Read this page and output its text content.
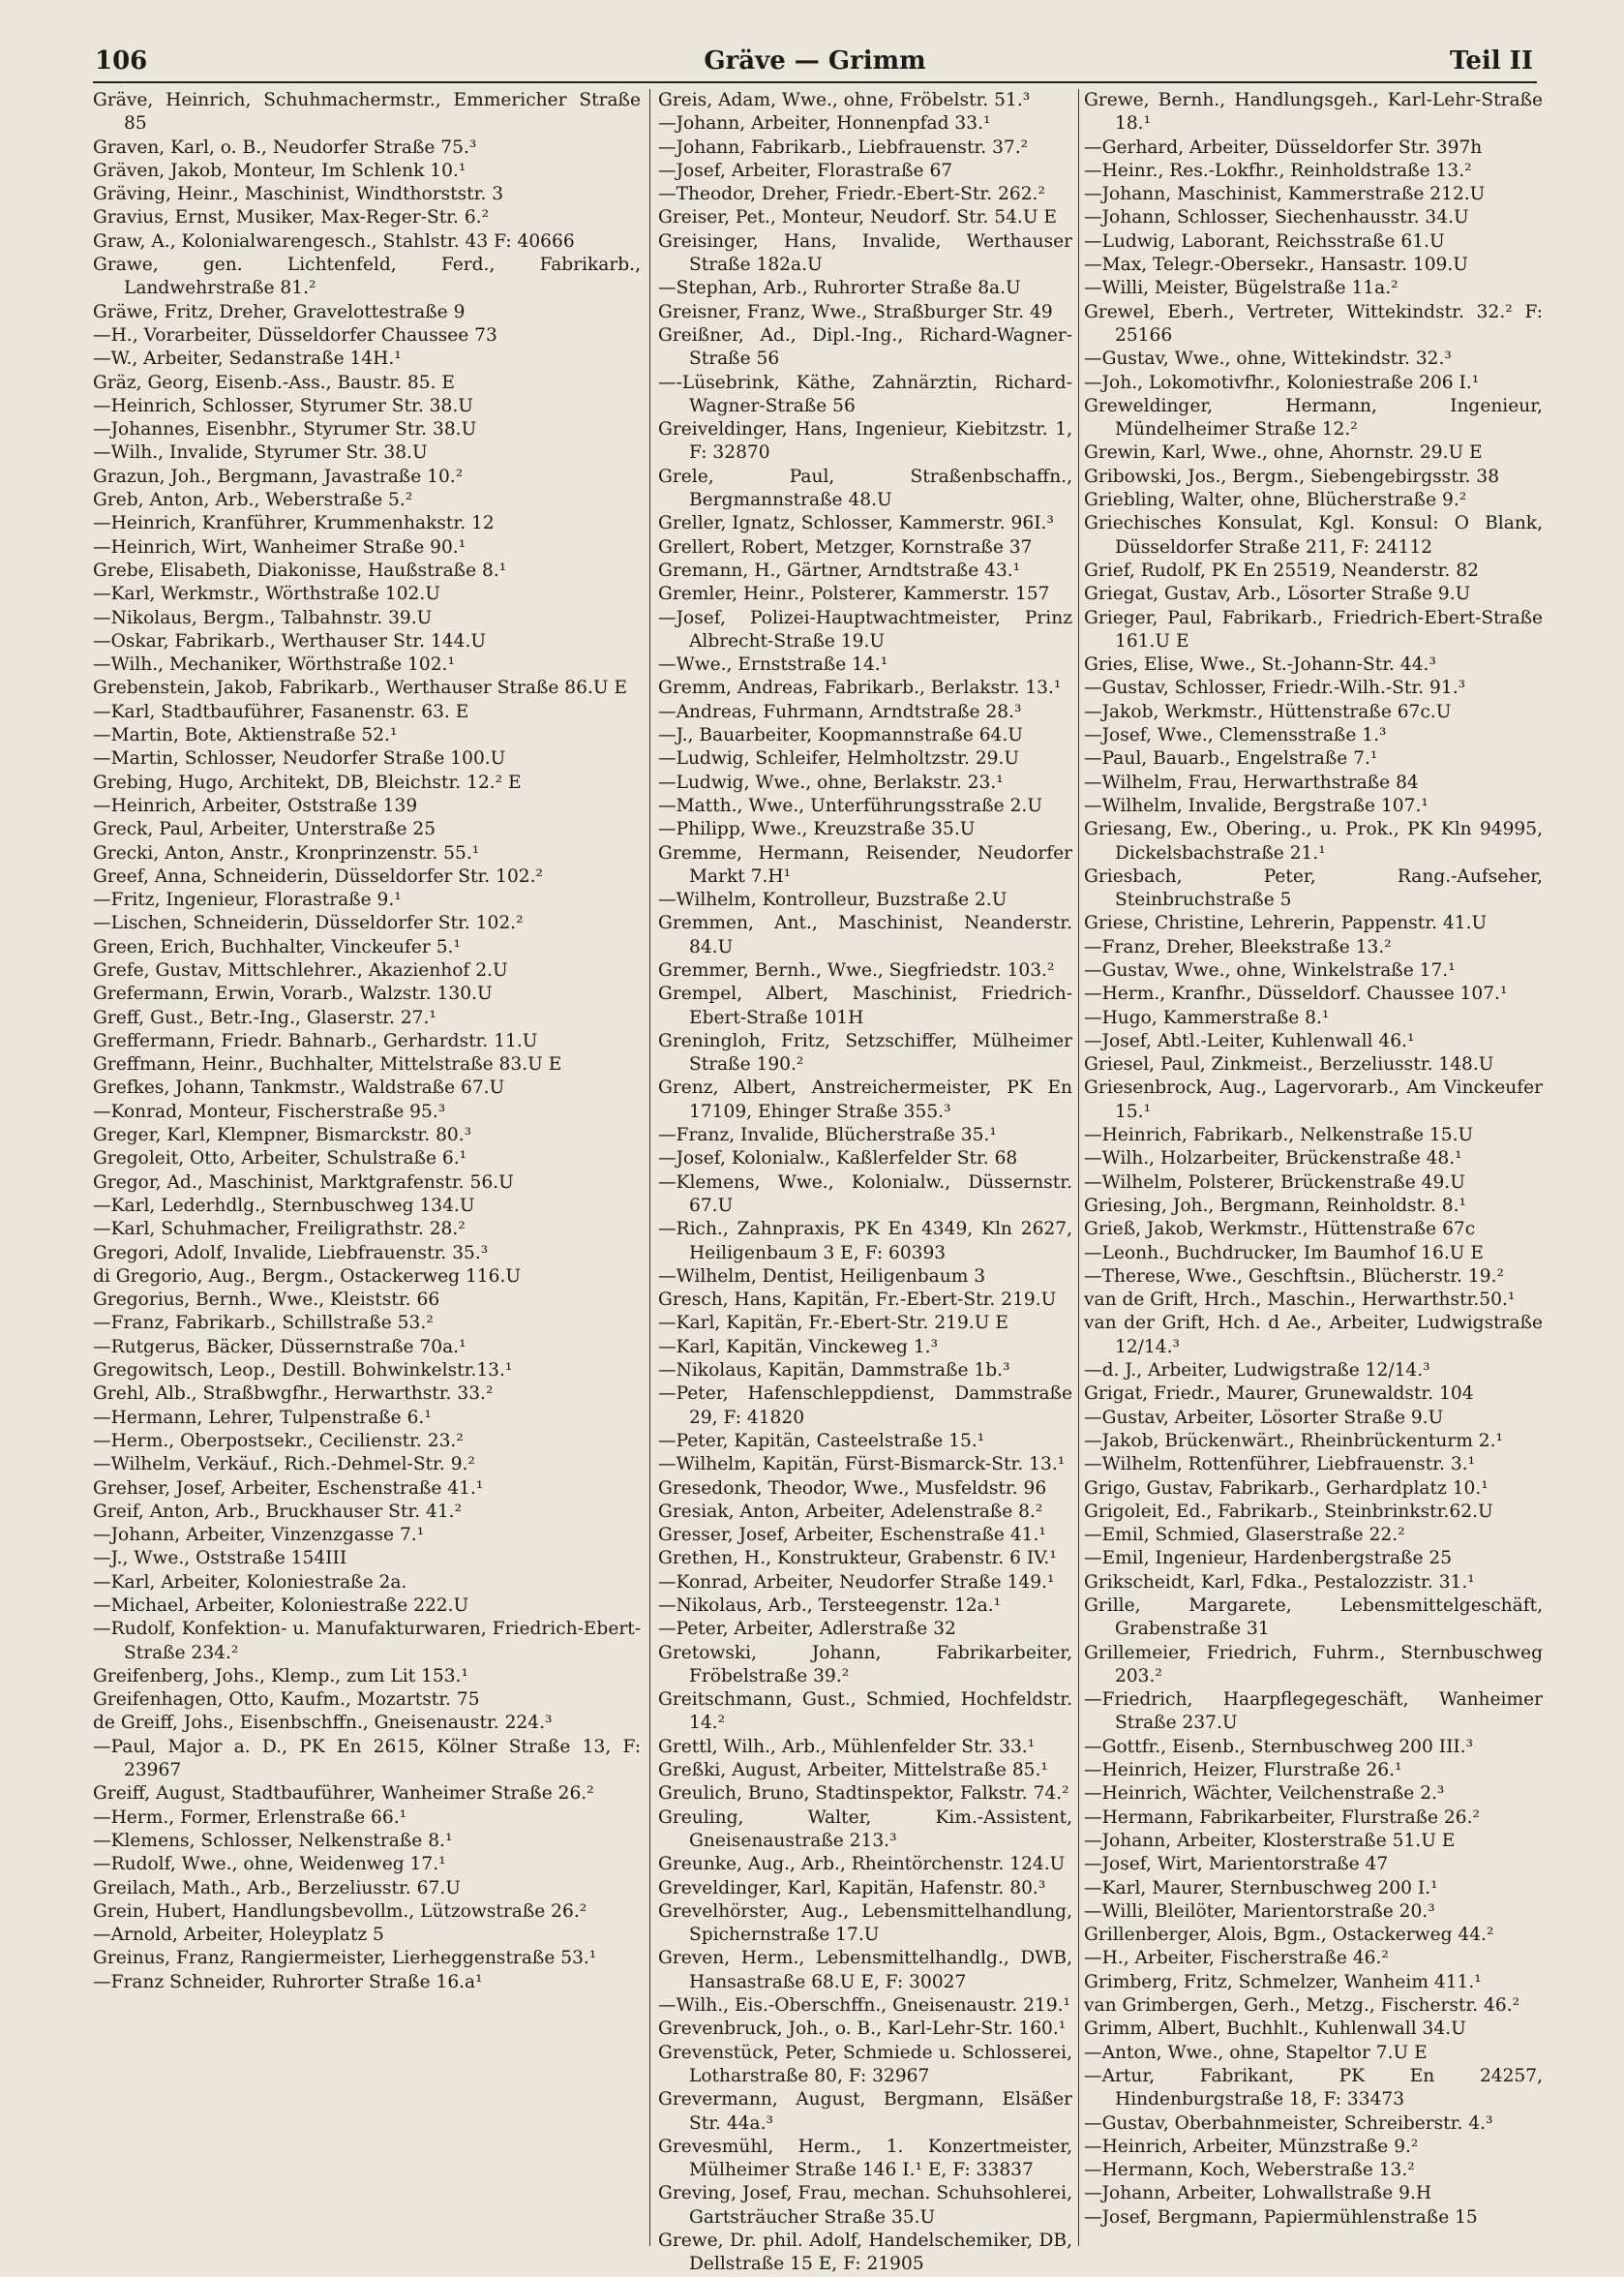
106	Gräve — Grimm	Teil II
Gräve, Heinrich, Schuhmachermstr., Emmericher Straße 85
Graven, Karl, o. B., Neudorfer Straße 75.³
Gräven, Jakob, Monteur, Im Schlenk 10.¹
Gräving, Heinr., Maschinist, Windthorststr. 3
Gravius, Ernst, Musiker, Max-Reger-Str. 6.²
Graw, A., Kolonialwarengesch., Stahlstr. 43 F: 40666
Grawe, gen. Lichtenfeld, Ferd., Fabrikarb., Landwehrstraße 81.²
Gräwe, Fritz, Dreher, Gravelottestraße 9
—H., Vorarbeiter, Düsseldorfer Chaussee 73
—W., Arbeiter, Sedanstraße 14H.¹
Gräz, Georg, Eisenb.-Ass., Baustr. 85. E
—Heinrich, Schlosser, Styrumer Str. 38.U
—Johannes, Eisenbhr., Styrumer Str. 38.U
—Wilh., Invalide, Styrumer Str. 38.U
Grazun, Joh., Bergmann, Javastraße 10.²
Greb, Anton, Arb., Weberstraße 5.²
—Heinrich, Kranführer, Krummenhakstr. 12
—Heinrich, Wirt, Wanheimer Straße 90.¹
Grebe, Elisabeth, Diakonisse, Haußstraße 8.¹
—Karl, Werkmstr., Wörthstraße 102.U
—Nikolaus, Bergm., Talbahnstr. 39.U
—Oskar, Fabrikarb., Werthauser Str. 144.U
—Wilh., Mechaniker, Wörthstraße 102.¹
Grebenstein, Jakob, Fabrikarb., Werthauser Straße 86.U E
—Karl, Stadtbauführer, Fasanenstr. 63. E
—Martin, Bote, Aktienstraße 52.¹
—Martin, Schlosser, Neudorfer Straße 100.U
Grebing, Hugo, Architekt, DB, Bleichstr. 12.² E
—Heinrich, Arbeiter, Oststraße 139
Greck, Paul, Arbeiter, Unterstraße 25
Grecki, Anton, Anstr., Kronprinzenstr. 55.¹
Greef, Anna, Schneiderin, Düsseldorfer Str. 102.²
—Fritz, Ingenieur, Florastraße 9.¹
—Lischen, Schneiderin, Düsseldorfer Str. 102.²
Green, Erich, Buchhalter, Vinckeufer 5.¹
Grefe, Gustav, Mittschlehrer., Akazienhof 2.U
Grefermann, Erwin, Vorarb., Walzstr. 130.U
Greff, Gust., Betr.-Ing., Glaserstr. 27.¹
Greffermann, Friedr. Bahnarb., Gerhardstr. 11.U
Greffmann, Heinr., Buchhalter, Mittelstraße 83.U E
Grefkes, Johann, Tankmstr., Waldstraße 67.U
—Konrad, Monteur, Fischerstraße 95.³
Greger, Karl, Klempner, Bismarckstr. 80.³
Gregoleit, Otto, Arbeiter, Schulstraße 6.¹
Gregor, Ad., Maschinist, Marktgrafenstr. 56.U
—Karl, Lederhdlg., Sternbuschweg 134.U
—Karl, Schuhmacher, Freiligrathstr. 28.²
Gregori, Adolf, Invalide, Liebfrauenstr. 35.³
di Gregorio, Aug., Bergm., Ostackerweg 116.U
Gregorius, Bernh., Wwe., Kleiststr. 66
—Franz, Fabrikarb., Schillstraße 53.²
—Rutgerus, Bäcker, Düssernstraße 70a.¹
Gregowitsch, Leop., Destill. Bohwinkelstr.13.¹
Grehl, Alb., Straßbwgfhr., Herwarthstr. 33.²
—Hermann, Lehrer, Tulpenstraße 6.¹
—Herm., Oberpostsekr., Cecilienstr. 23.²
—Wilhelm, Verkäuf., Rich.-Dehmel-Str. 9.²
Grehser, Josef, Arbeiter, Eschenstraße 41.¹
Greif, Anton, Arb., Bruckhauser Str. 41.²
—Johann, Arbeiter, Vinzenzgasse 7.¹
—J., Wwe., Oststraße 154III
—Karl, Arbeiter, Koloniestraße 2a.
—Michael, Arbeiter, Koloniestraße 222.U
—Rudolf, Konfektion- u. Manufakturwaren, Friedrich-Ebert-Straße 234.²
Greifenberg, Johs., Klemp., zum Lit 153.¹
Greifenhagen, Otto, Kaufm., Mozartstr. 75
de Greiff, Johs., Eisenbschffn., Gneisenaustr. 224.³
—Paul, Major a. D., PK En 2615, Kölner Straße 13, F: 23967
Greiff, August, Stadtbauführer, Wanheimer Straße 26.²
—Herm., Former, Erlenstraße 66.¹
—Klemens, Schlosser, Nelkenstraße 8.¹
—Rudolf, Wwe., ohne, Weidenweg 17.¹
Greilach, Math., Arb., Berzeliusstr. 67.U
Grein, Hubert, Handlungsbevollm., Lützowstraße 26.²
—Arnold, Arbeiter, Holeyplatz 5
Greinus, Franz, Rangiermeister, Lierheggenstraße 53.¹
—Franz Schneider, Ruhrorter Straße 16.a¹
Greis, Adam, Wwe., ohne, Fröbelstr. 51.³
—Johann, Arbeiter, Honnenpfad 33.¹
—Johann, Fabrikarb., Liebfrauenstr. 37.²
—Josef, Arbeiter, Florastraße 67
—Theodor, Dreher, Friedr.-Ebert-Str. 262.²
Greiser, Pet., Monteur, Neudorf. Str. 54.U E
Greisinger, Hans, Invalide, Werthauser Straße 182a.U
—Stephan, Arb., Ruhrorter Straße 8a.U
Greisner, Franz, Wwe., Straßburger Str. 49
Greißner, Ad., Dipl.-Ing., Richard-Wagner-Straße 56
—-Lüsebrink, Käthe, Zahnärztin, Richard-Wagner-Straße 56
Greiveldinger, Hans, Ingenieur, Kiebitzstr. 1, F: 32870
Grele, Paul, Straßenbschaffn., Bergmannstraße 48.U
Greller, Ignatz, Schlosser, Kammerstr. 96I.³
Grellert, Robert, Metzger, Kornstraße 37
Gremann, H., Gärtner, Arndtstraße 43.¹
Gremler, Heinr., Polsterer, Kammerstr. 157
—Josef, Polizei-Hauptwachtmeister, Prinz Albrecht-Straße 19.U
—Wwe., Ernststraße 14.¹
Gremm, Andreas, Fabrikarb., Berlakstr. 13.¹
—Andreas, Fuhrmann, Arndtstraße 28.³
—J., Bauarbeiter, Koopmannstraße 64.U
—Ludwig, Schleifer, Helmholtzstr. 29.U
—Ludwig, Wwe., ohne, Berlakstr. 23.¹
—Matth., Wwe., Unterführungsstraße 2.U
—Philipp, Wwe., Kreuzstraße 35.U
Gremme, Hermann, Reisender, Neudorfer Markt 7.H¹
—Wilhelm, Kontrolleur, Buzstraße 2.U
Gremmen, Ant., Maschinist, Neanderstr. 84.U
Gremmer, Bernh., Wwe., Siegfriedstr. 103.²
Grempel, Albert, Maschinist, Friedrich-Ebert-Straße 101H
Greningloh, Fritz, Setzschiffer, Mülheimer Straße 190.²
Grenz, Albert, Anstreichermeister, PK En 17109, Ehinger Straße 355.³
—Franz, Invalide, Blücherstraße 35.¹
—Josef, Kolonialw., Kaßlerfelder Str. 68
—Klemens, Wwe., Kolonialw., Düssernstr. 67.U
—Rich., Zahnpraxis, PK En 4349, Kln 2627, Heiligenbaum 3 E, F: 60393
—Wilhelm, Dentist, Heiligenbaum 3
Gresch, Hans, Kapitän, Fr.-Ebert-Str. 219.U
—Karl, Kapitän, Fr.-Ebert-Str. 219.U E
—Karl, Kapitän, Vinckeweg 1.³
—Nikolaus, Kapitän, Dammstraße 1b.³
—Peter, Hafenschleppdienst, Dammstraße 29, F: 41820
—Peter, Kapitän, Casteelstraße 15.¹
—Wilhelm, Kapitän, Fürst-Bismarck-Str. 13.¹
Gresedonk, Theodor, Wwe., Musfeldstr. 96
Gresiak, Anton, Arbeiter, Adelenstraße 8.²
Gresser, Josef, Arbeiter, Eschenstraße 41.¹
Grethen, H., Konstrukteur, Grabenstr. 6 IV.¹
—Konrad, Arbeiter, Neudorfer Straße 149.¹
—Nikolaus, Arb., Tersteegenstr. 12a.¹
—Peter, Arbeiter, Adlerstraße 32
Gretowski, Johann, Fabrikarbeiter, Fröbelstraße 39.²
Greitschmann, Gust., Schmied, Hochfeldstr. 14.²
Grettl, Wilh., Arb., Mühlenfelder Str. 33.¹
Greßki, August, Arbeiter, Mittelstraße 85.¹
Greulich, Bruno, Stadtinspektor, Falkstr. 74.²
Greuling, Walter, Kim.-Assistent, Gneisenaustraße 213.³
Greunke, Aug., Arb., Rheintörchenstr. 124.U
Greveldinger, Karl, Kapitän, Hafenstr. 80.³
Grevelhörster, Aug., Lebensmittelhandlung, Spichernstraße 17.U
Greven, Herm., Lebensmittelhandlg., DWB, Hansastraße 68.U E, F: 30027
—Wilh., Eis.-Oberschffn., Gneisenaustr. 219.¹
Grevenbruck, Joh., o. B., Karl-Lehr-Str. 160.¹
Grevenstück, Peter, Schmiede u. Schlosserei, Lotharstraße 80, F: 32967
Grevermann, August, Bergmann, Elsäßer Str. 44a.³
Grevesmühl, Herm., 1. Konzertmeister, Mülheimer Straße 146 I.¹ E, F: 33837
Greving, Josef, Frau, mechan. Schuhsohlerei, Gartsträucher Straße 35.U
Grewe, Dr. phil. Adolf, Handelschemiker, DB, Dellstraße 15 E, F: 21905
Grewe, Bernh., Handlungsgeh., Karl-Lehr-Straße 18.¹
—Gerhard, Arbeiter, Düsseldorfer Str. 397h
—Heinr., Res.-Lokfhr., Reinholdstraße 13.²
—Johann, Maschinist, Kammerstraße 212.U
—Johann, Schlosser, Siechenhausstr. 34.U
—Ludwig, Laborant, Reichsstraße 61.U
—Max, Telegr.-Obersekr., Hansastr. 109.U
—Willi, Meister, Bügelstraße 11a.²
Grewel, Eberh., Vertreter, Wittekindstr. 32.² F: 25166
—Gustav, Wwe., ohne, Wittekindstr. 32.³
—Joh., Lokomotivfhr., Koloniestraße 206 I.¹
Greweldinger, Hermann, Ingenieur, Mündelheimer Straße 12.²
Grewin, Karl, Wwe., ohne, Ahornstr. 29.U E
Gribowski, Jos., Bergm., Siebengebirgsstr. 38
Griebling, Walter, ohne, Blücherstraße 9.²
Griechisches Konsulat, Kgl. Konsul: O Blank, Düsseldorfer Straße 211, F: 24112
Grief, Rudolf, PK En 25519, Neanderstr. 82
Griegat, Gustav, Arb., Lösorter Straße 9.U
Grieger, Paul, Fabrikarb., Friedrich-Ebert-Straße 161.U E
Gries, Elise, Wwe., St.-Johann-Str. 44.³
—Gustav, Schlosser, Friedr.-Wilh.-Str. 91.³
—Jakob, Werkmstr., Hüttenstraße 67c.U
—Josef, Wwe., Clemensstraße 1.³
—Paul, Bauarb., Engelstraße 7.¹
—Wilhelm, Frau, Herwarthstraße 84
—Wilhelm, Invalide, Bergstraße 107.¹
Griesang, Ew., Obering., u. Prok., PK Kln 94995, Dickelsbachstraße 21.¹
Griesbach, Peter, Rang.-Aufseher, Steinbruchstraße 5
Griese, Christine, Lehrerin, Pappenstr. 41.U
—Franz, Dreher, Bleekstraße 13.²
—Gustav, Wwe., ohne, Winkelstraße 17.¹
—Herm., Kranfhr., Düsseldorf. Chaussee 107.¹
—Hugo, Kammerstraße 8.¹
—Josef, Abtl.-Leiter, Kuhlenwall 46.¹
Griesel, Paul, Zinkmeist., Berzeliusstr. 148.U
Griesenbrock, Aug., Lagervorarb., Am Vinckeufer 15.¹
—Heinrich, Fabrikarb., Nelkenstraße 15.U
—Wilh., Holzarbeiter, Brückenstraße 48.¹
—Wilhelm, Polsterer, Brückenstraße 49.U
Griesing, Joh., Bergmann, Reinholdstr. 8.¹
Grieß, Jakob, Werkmstr., Hüttenstraße 67c
—Leonh., Buchdrucker, Im Baumhof 16.U E
—Therese, Wwe., Geschftsin., Blücherstr. 19.²
van de Grift, Hrch., Maschin., Herwarthstr.50.¹
van der Grift, Hch. d Ae., Arbeiter, Ludwigstraße 12/14.³
—d. J., Arbeiter, Ludwigstraße 12/14.³
Grigat, Friedr., Maurer, Grunewaldstr. 104
—Gustav, Arbeiter, Lösorter Straße 9.U
—Jakob, Brückenwärt., Rheinbrückenturm 2.¹
—Wilhelm, Rottenführer, Liebfrauenstr. 3.¹
Grigo, Gustav, Fabrikarb., Gerhardplatz 10.¹
Grigoleit, Ed., Fabrikarb., Steinbrinkstr.62.U
—Emil, Schmied, Glaserstraße 22.²
—Emil, Ingenieur, Hardenbergstraße 25
Grikscheidt, Karl, Fdka., Pestalozzistr. 31.¹
Grille, Margarete, Lebensmittelgeschäft, Grabenstraße 31
Grillemeier, Friedrich, Fuhrm., Sternbuschweg 203.²
—Friedrich, Haarpflegegeschäft, Wanheimer Straße 237.U
—Gottfr., Eisenb., Sternbuschweg 200 III.³
—Heinrich, Heizer, Flurstraße 26.¹
—Heinrich, Wächter, Veilchenstraße 2.³
—Hermann, Fabrikarbeiter, Flurstraße 26.²
—Johann, Arbeiter, Klosterstraße 51.U E
—Josef, Wirt, Marientorstraße 47
—Karl, Maurer, Sternbuschweg 200 I.¹
—Willi, Bleilöter, Marientorstraße 20.³
Grillenberger, Alois, Bgm., Ostackerweg 44.²
—H., Arbeiter, Fischerstraße 46.²
Grimberg, Fritz, Schmelzer, Wanheim 411.¹
van Grimbergen, Gerh., Metzg., Fischerstr. 46.²
Grimm, Albert, Buchhlt., Kuhlenwall 34.U
—Anton, Wwe., ohne, Stapeltor 7.U E
—Artur, Fabrikant, PK En 24257, Hindenburgstraße 18, F: 33473
—Gustav, Oberbahnmeister, Schreiberstr. 4.³
—Heinrich, Arbeiter, Münzstraße 9.²
—Hermann, Koch, Weberstraße 13.²
—Johann, Arbeiter, Lohwallstraße 9.H
—Josef, Bergmann, Papiermühlenstraße 15
